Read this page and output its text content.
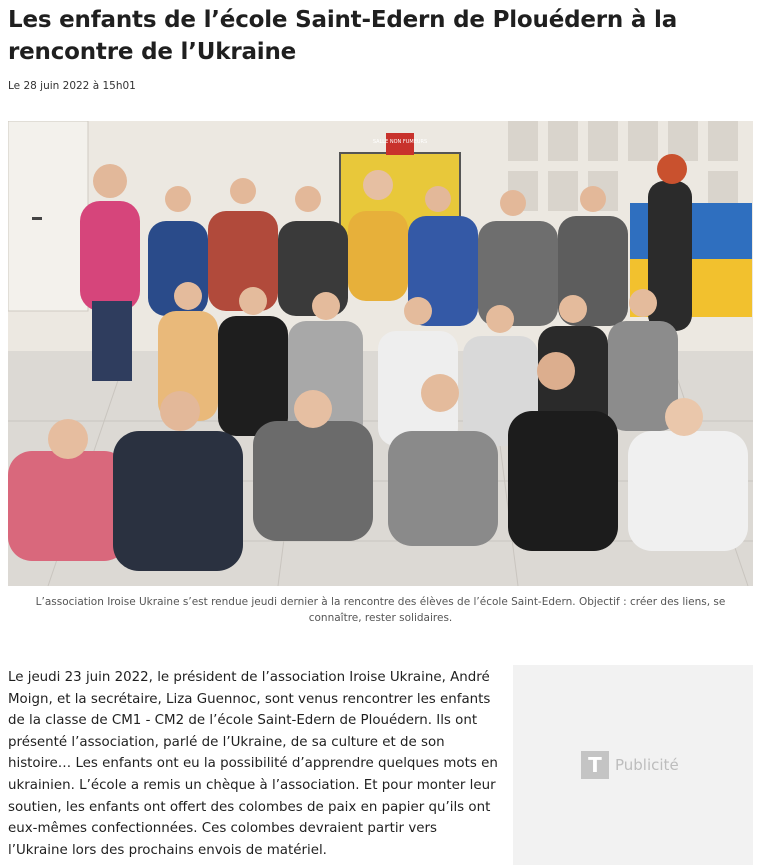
Les enfants de l’école Saint-Edern de Plouédern à la rencontre de l’Ukraine
Le 28 juin 2022 à 15h01
SALLE NON FUMEURS
L’association Iroise Ukraine s’est rendue jeudi dernier à la rencontre des élèves de l’école Saint-Edern. Objectif : créer des liens, se connaître, rester solidaires.

Le jeudi 23 juin 2022, le président de l’association Iroise Ukraine, André Moign, et la secrétaire, Liza Guennoc, sont venus rencontrer les enfants de la classe de CM1 - CM2 de l’école Saint-Edern de Plouédern. Ils ont présenté l’association, parlé de l’Ukraine, de sa culture et de son histoire… Les enfants ont eu la possibilité d’apprendre quelques mots en ukrainien. L’école a remis un chèque à l’association. Et pour monter leur soutien, les enfants ont offert des colombes de paix en papier qu’ils ont eux-mêmes confectionnées. Ces colombes devraient partir vers l’Ukraine lors des prochains envois de matériel.

T Publicité
